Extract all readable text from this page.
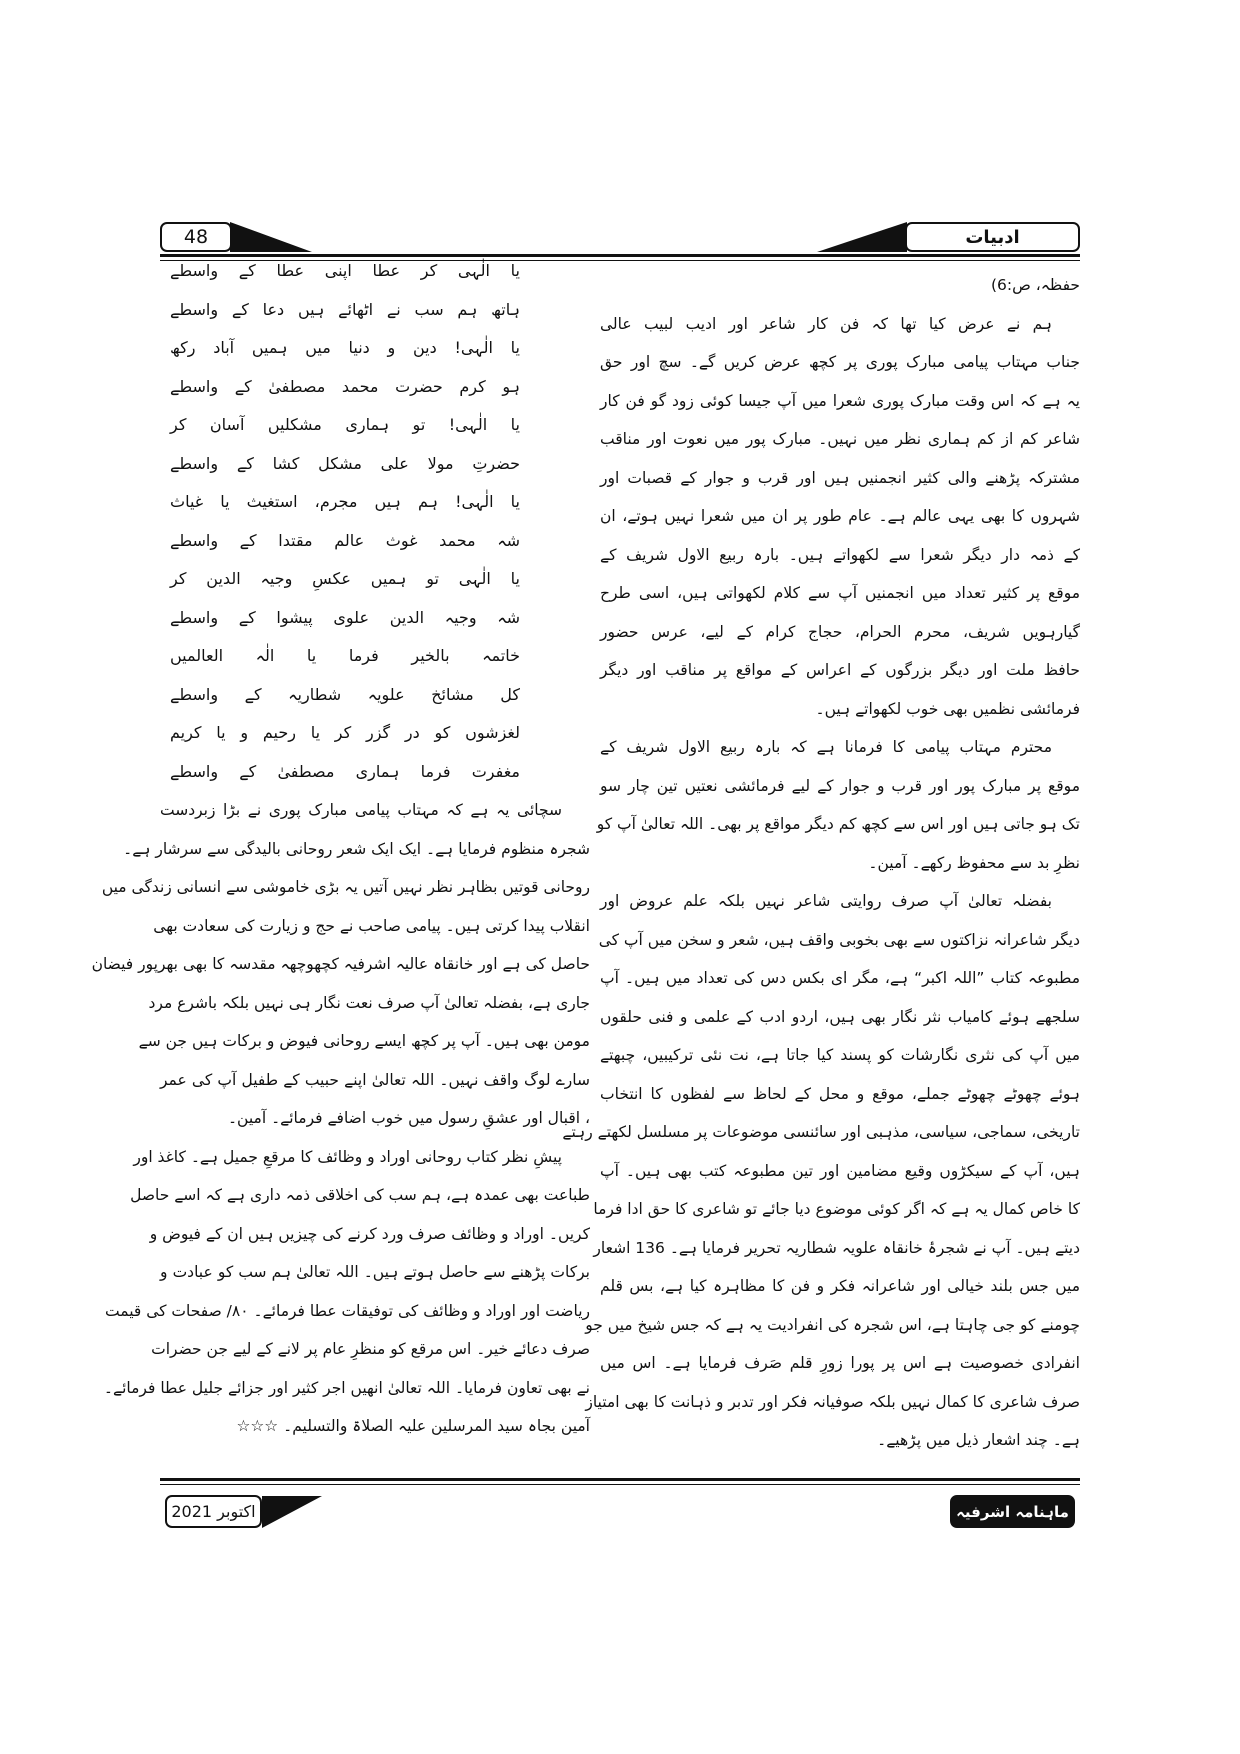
48	ادبیات
حفظہ، ص:6)
ہم نے عرض کیا تھا کہ فن کار شاعر اور ادیب لبیب عالی
جناب مہتاب پیامی مبارک پوری پر کچھ عرض کریں گے۔ سچ اور حق
یہ ہے کہ اس وقت مبارک پوری شعرا میں آپ جیسا کوئی زود گو فن کار
شاعر کم از کم ہماری نظر میں نہیں۔ مبارک پور میں نعوت اور مناقب
مشترکہ پڑھنے والی کثیر انجمنیں ہیں اور قرب و جوار کے قصبات اور
شہروں کا بھی یہی عالم ہے۔ عام طور پر ان میں شعرا نہیں ہوتے، ان
کے ذمہ دار دیگر شعرا سے لکھواتے ہیں۔ بارہ ربیع الاول شریف کے
موقع پر کثیر تعداد میں انجمنیں آپ سے کلام لکھواتی ہیں، اسی طرح
گیارہویں شریف، محرم الحرام، حجاج کرام کے لیے، عرس حضور
حافظ ملت اور دیگر بزرگوں کے اعراس کے مواقع پر مناقب اور دیگر
فرمائشی نظمیں بھی خوب لکھواتے ہیں۔
محترم مہتاب پیامی کا فرمانا ہے کہ بارہ ربیع الاول شریف کے
موقع پر مبارک پور اور قرب و جوار کے لیے فرمائشی نعتیں تین چار سو
تک ہو جاتی ہیں اور اس سے کچھ کم دیگر مواقع پر بھی۔ اللہ تعالیٰ آپ کو
نظرِ بد سے محفوظ رکھے۔ آمین۔
بفضلہ تعالیٰ آپ صرف روایتی شاعر نہیں بلکہ علم عروض اور
دیگر شاعرانہ نزاکتوں سے بھی بخوبی واقف ہیں، شعر و سخن میں آپ کی
مطبوعہ کتاب ”اللہ اکبر“ ہے، مگر ای بکس دس کی تعداد میں ہیں۔ آپ
سلجھے ہوئے کامیاب نثر نگار بھی ہیں، اردو ادب کے علمی و فنی حلقوں
میں آپ کی نثری نگارشات کو پسند کیا جاتا ہے، نت نئی ترکیبیں، چبھتے
ہوئے چھوٹے چھوٹے جملے، موقع و محل کے لحاظ سے لفظوں کا انتخاب
تاریخی، سماجی، سیاسی، مذہبی اور سائنسی موضوعات پر مسلسل لکھتے رہتے
ہیں، آپ کے سیکڑوں وقیع مضامین اور تین مطبوعہ کتب بھی ہیں۔ آپ
کا خاص کمال یہ ہے کہ اگر کوئی موضوع دیا جائے تو شاعری کا حق ادا فرما
دیتے ہیں۔ آپ نے شجرۂ خانقاہ علویہ شطاریہ تحریر فرمایا ہے۔ 136 اشعار
میں جس بلند خیالی اور شاعرانہ فکر و فن کا مظاہرہ کیا ہے، بس قلم
چومنے کو جی چاہتا ہے، اس شجرہ کی انفرادیت یہ ہے کہ جس شیخ میں جو
انفرادی خصوصیت ہے اس پر پورا زورِ قلم صَرف فرمایا ہے۔ اس میں
صرف شاعری کا کمال نہیں بلکہ صوفیانہ فکر اور تدبر و ذہانت کا بھی امتیاز
ہے۔ چند اشعار ذیل میں پڑھیے۔
یا الٰہی کر عطا اپنی عطا کے واسطے
ہاتھ ہم سب نے اٹھائے ہیں دعا کے واسطے
یا الٰہی! دین و دنیا میں ہمیں آباد رکھ
ہو کرم حضرت محمد مصطفیٰ کے واسطے
یا الٰہی! تو ہماری مشکلیں آسان کر
حضرتِ مولا علی مشکل کشا کے واسطے
یا الٰہی! ہم ہیں مجرم، استغیث یا غیاث
شہ محمد غوث عالم مقتدا کے واسطے
یا الٰہی تو ہمیں عکسِ وجیہ الدین کر
شہ وجیہ الدین علوی پیشوا کے واسطے
خاتمہ بالخیر فرما یا الٰہ العالمیں
کل مشائخ علویہ شطاریہ کے واسطے
لغزشوں کو در گزر کر یا رحیم و یا کریم
مغفرت فرما ہماری مصطفیٰ کے واسطے
سچائی یہ ہے کہ مہتاب پیامی مبارک پوری نے بڑا زبردست
شجرہ منظوم فرمایا ہے۔ ایک ایک شعر روحانی بالیدگی سے سرشار ہے۔
روحانی قوتیں بظاہر نظر نہیں آتیں یہ بڑی خاموشی سے انسانی زندگی میں
انقلاب پیدا کرتی ہیں۔ پیامی صاحب نے حج و زیارت کی سعادت بھی
حاصل کی ہے اور خانقاہ عالیہ اشرفیہ کچھوچھہ مقدسہ کا بھی بھرپور فیضان
جاری ہے، بفضلہ تعالیٰ آپ صرف نعت نگار ہی نہیں بلکہ باشرع مرد
مومن بھی ہیں۔ آپ پر کچھ ایسے روحانی فیوض و برکات ہیں جن سے
سارے لوگ واقف نہیں۔ اللہ تعالیٰ اپنے حبیب کے طفیل آپ کی عمر
، اقبال اور عشقِ رسول میں خوب اضافے فرمائے۔ آمین۔
پیشِ نظر کتاب روحانی اوراد و وظائف کا مرقعِ جمیل ہے۔ کاغذ اور
طباعت بھی عمدہ ہے، ہم سب کی اخلاقی ذمہ داری ہے کہ اسے حاصل
کریں۔ اوراد و وظائف صرف ورد کرنے کی چیزیں ہیں ان کے فیوض و
برکات پڑھنے سے حاصل ہوتے ہیں۔ اللہ تعالیٰ ہم سب کو عبادت و
ریاضت اور اوراد و وظائف کی توفیقات عطا فرمائے۔ ۸۰/ صفحات کی قیمت
صرف دعائے خیر۔ اس مرقع کو منظرِ عام پر لانے کے لیے جن حضرات
نے بھی تعاون فرمایا۔ اللہ تعالیٰ انھیں اجر کثیر اور جزائے جلیل عطا فرمائے۔
آمین بجاہ سید المرسلین علیہ الصلاۃ والتسلیم۔ ☆☆☆
اکتوبر 2021	ماہنامہ اشرفیہ
